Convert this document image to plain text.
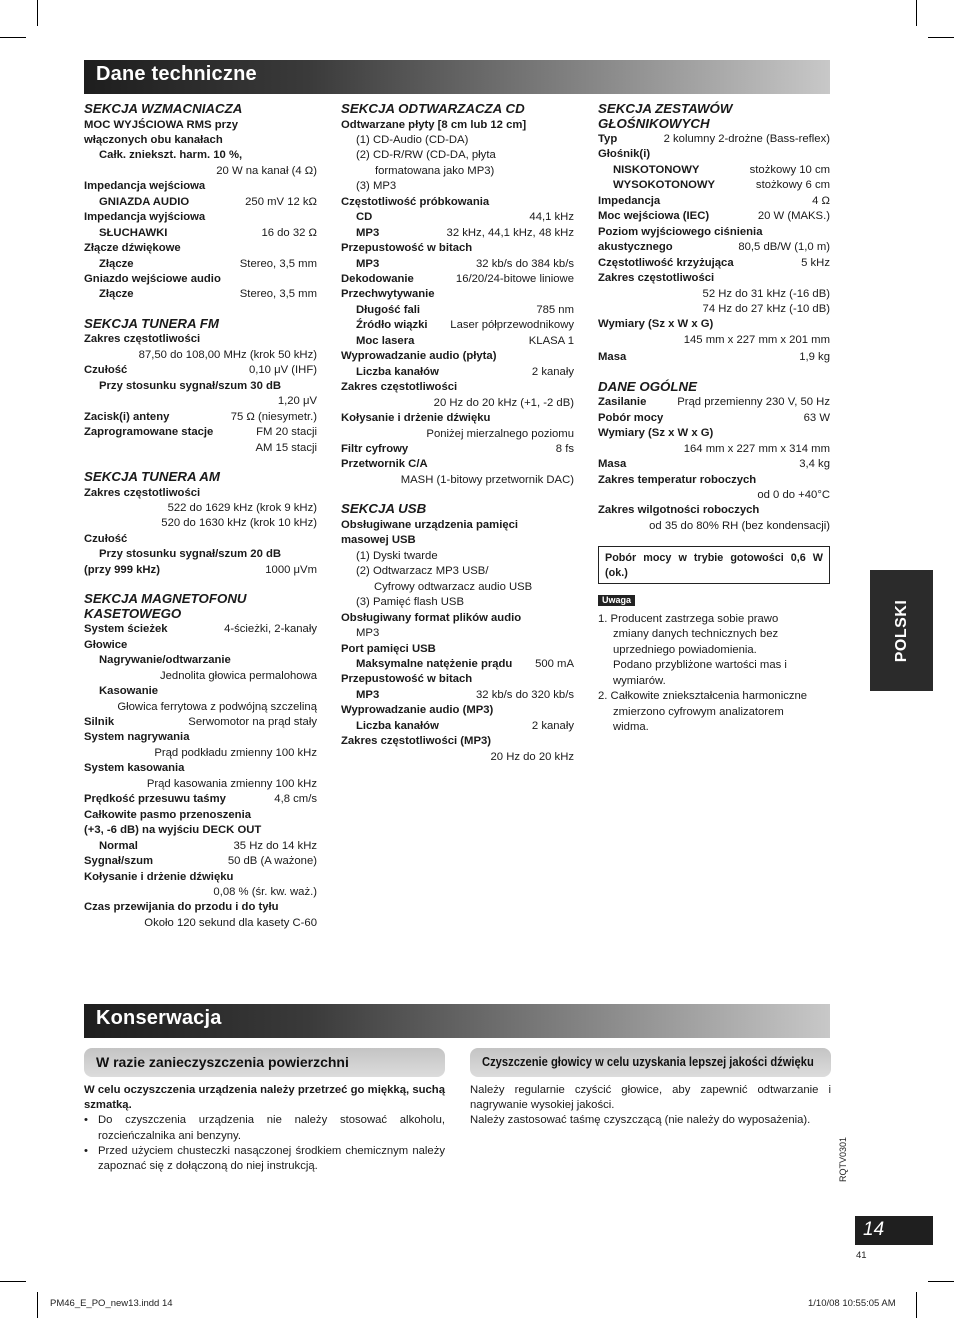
Dane techniczne
SEKCJA WZMACNIACZA
MOC WYJŚCIOWA RMS przy
włączonych obu kanałach
Całk. zniekszt. harm. 10 %,
20 W na kanał (4 Ω)
Impedancja wejściowa
GNIAZDA AUDIO	250 mV 12 kΩ
Impedancja wyjściowa
SŁUCHAWKI	16 do 32 Ω
Złącze dźwiękowe
Złącze	Stereo, 3,5 mm
Gniazdo wejściowe audio
Złącze	Stereo, 3,5 mm
SEKCJA TUNERA FM
Zakres częstotliwości
87,50 do 108,00 MHz (krok 50 kHz)
Czułość	0,10 μV (IHF)
Przy stosunku sygnał/szum 30 dB
1,20 μV
Zacisk(i) anteny	75 Ω (niesymetr.)
Zaprogramowane stacje	FM 20 stacji
AM 15 stacji
SEKCJA TUNERA AM
Zakres częstotliwości
522 do 1629 kHz (krok 9 kHz)
520 do 1630 kHz (krok 10 kHz)
Czułość
Przy stosunku sygnał/szum 20 dB
(przy 999 kHz)	1000 μVm
SEKCJA MAGNETOFONU KASETOWEGO
System ścieżek	4-ścieżki, 2-kanały
Głowice
Nagrywanie/odtwarzanie
Jednolita głowica permalohowa
Kasowanie
Głowica ferrytowa z podwójną szczeliną
Silnik	Serwomotor na prąd stały
System nagrywania
Prąd podkładu zmienny 100 kHz
System kasowania
Prąd kasowania zmienny 100 kHz
Prędkość przesuwu taśmy	4,8 cm/s
Całkowite pasmo przenoszenia
(+3, -6 dB) na wyjściu DECK OUT
Normal	35 Hz do 14 kHz
Sygnał/szum	50 dB (A ważone)
Kołysanie i drżenie dźwięku
0,08 % (śr. kw. waż.)
Czas przewijania do przodu i do tyłu
Około 120 sekund dla kasety C-60
SEKCJA ODTWARZACZA CD
Odtwarzane płyty [8 cm lub 12 cm]
(1) CD-Audio (CD-DA)
(2) CD-R/RW (CD-DA, płyta
formatowana jako MP3)
(3) MP3
Częstotliwość próbkowania
CD	44,1 kHz
MP3	32 kHz, 44,1 kHz, 48 kHz
Przepustowość w bitach
MP3	32 kb/s do 384 kb/s
Dekodowanie	16/20/24-bitowe liniowe
Przechwytywanie
Długość fali	785 nm
Źródło wiązki Laser półprzewodnikowy
Moc lasera	KLASA 1
Wyprowadzanie audio (płyta)
Liczba kanałów	2 kanały
Zakres częstotliwości
20 Hz do 20 kHz (+1, -2 dB)
Kołysanie i drżenie dźwięku
Poniżej mierzalnego poziomu
Filtr cyfrowy	8 fs
Przetwornik C/A
MASH (1-bitowy przetwornik DAC)
SEKCJA USB
Obsługiwane urządzenia pamięci
masowej USB
(1) Dyski twarde
(2) Odtwarzacz MP3 USB/
Cyfrowy odtwarzacz audio USB
(3) Pamięć flash USB
Obsługiwany format plików audio
MP3
Port pamięci USB
Maksymalne natężenie prądu 500 mA
Przepustowość w bitach
MP3	32 kb/s do 320 kb/s
Wyprowadzanie audio (MP3)
Liczba kanałów	2 kanały
Zakres częstotliwości (MP3)
20 Hz do 20 kHz
SEKCJA ZESTAWÓW GŁOŚNIKOWYCH
Typ	2 kolumny 2-drożne (Bass-reflex)
Głośnik(i)
NISKOTONOWY	stożkowy 10 cm
WYSOKOTONOWY	stożkowy 6 cm
Impedancja	4 Ω
Moc wejściowa (IEC)	20 W (MAKS.)
Poziom wyjściowego ciśnienia
akustycznego	80,5 dB/W (1,0 m)
Częstotliwość krzyżująca	5 kHz
Zakres częstotliwości
52 Hz do 31 kHz (-16 dB)
74 Hz do 27 kHz (-10 dB)
Wymiary (Sz x W x G)
145 mm x 227 mm x 201 mm
Masa	1,9 kg
DANE OGÓLNE
Zasilanie	Prąd przemienny 230 V, 50 Hz
Pobór mocy	63 W
Wymiary (Sz x W x G)
164 mm x 227 mm x 314 mm
Masa	3,4 kg
Zakres temperatur roboczych
od 0 do +40°C
Zakres wilgotności roboczych
od 35 do 80% RH (bez kondensacji)
Pobór mocy w trybie gotowości 0,6 W (ok.)
Uwaga
1. Producent zastrzega sobie prawo
zmiany danych technicznych bez
uprzedniego powiadomienia.
Podano przybliżone wartości mas i
wymiarów.
2. Całkowite zniekształcenia harmoniczne
zmierzono cyfrowym analizatorem
widma.
POLSKI
Konserwacja
W razie zanieczyszczenia powierzchni	Czyszczenie głowicy w celu uzyskania lepszej jakości dźwięku
W celu oczyszczenia urządzenia należy przetrzeć go miękką, suchą szmatką.
• Do czyszczenia urządzenia nie należy stosować alkoholu, rozcieńczalnika ani benzyny.
• Przed użyciem chusteczki nasączonej środkiem chemicznym należy zapoznać się z dołączoną do niej instrukcją.
Należy regularnie czyścić głowice, aby zapewnić odtwarzanie i nagrywanie wysokiej jakości.
Należy zastosować taśmę czyszczącą (nie należy do wyposażenia).
RQTV0301
14
41
PM46_E_PO_new13.indd 14	1/10/08 10:55:05 AM
